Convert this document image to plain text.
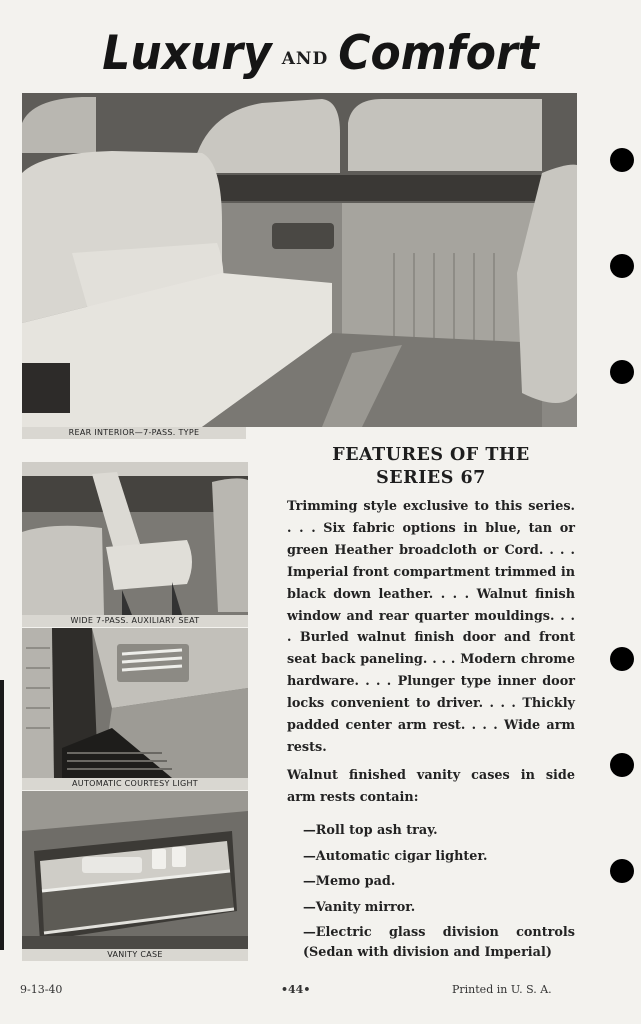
Luxury AND Comfort
REAR INTERIOR—7-PASS. TYPE
WIDE 7-PASS. AUXILIARY SEAT
AUTOMATIC COURTESY LIGHT
VANITY CASE
FEATURES OF THE
SERIES 67
Trimming style exclusive to this series. . . . Six fabric options in blue, tan or green Heather broadcloth or Cord. . . . Imperial front compartment trimmed in black down leather. . . . Walnut finish window and rear quarter mouldings. . . . Burled walnut finish door and front seat back paneling. . . . Modern chrome hardware. . . . Plunger type inner door locks convenient to driver. . . . Thickly padded center arm rest. . . . Wide arm rests.
Walnut finished vanity cases in side arm rests contain:
—Roll top ash tray.
—Automatic cigar lighter.
—Memo pad.
—Vanity mirror.
—Electric glass division controls (Sedan with division and Imperial)
9-13-40	•44•	Printed in U. S. A.
